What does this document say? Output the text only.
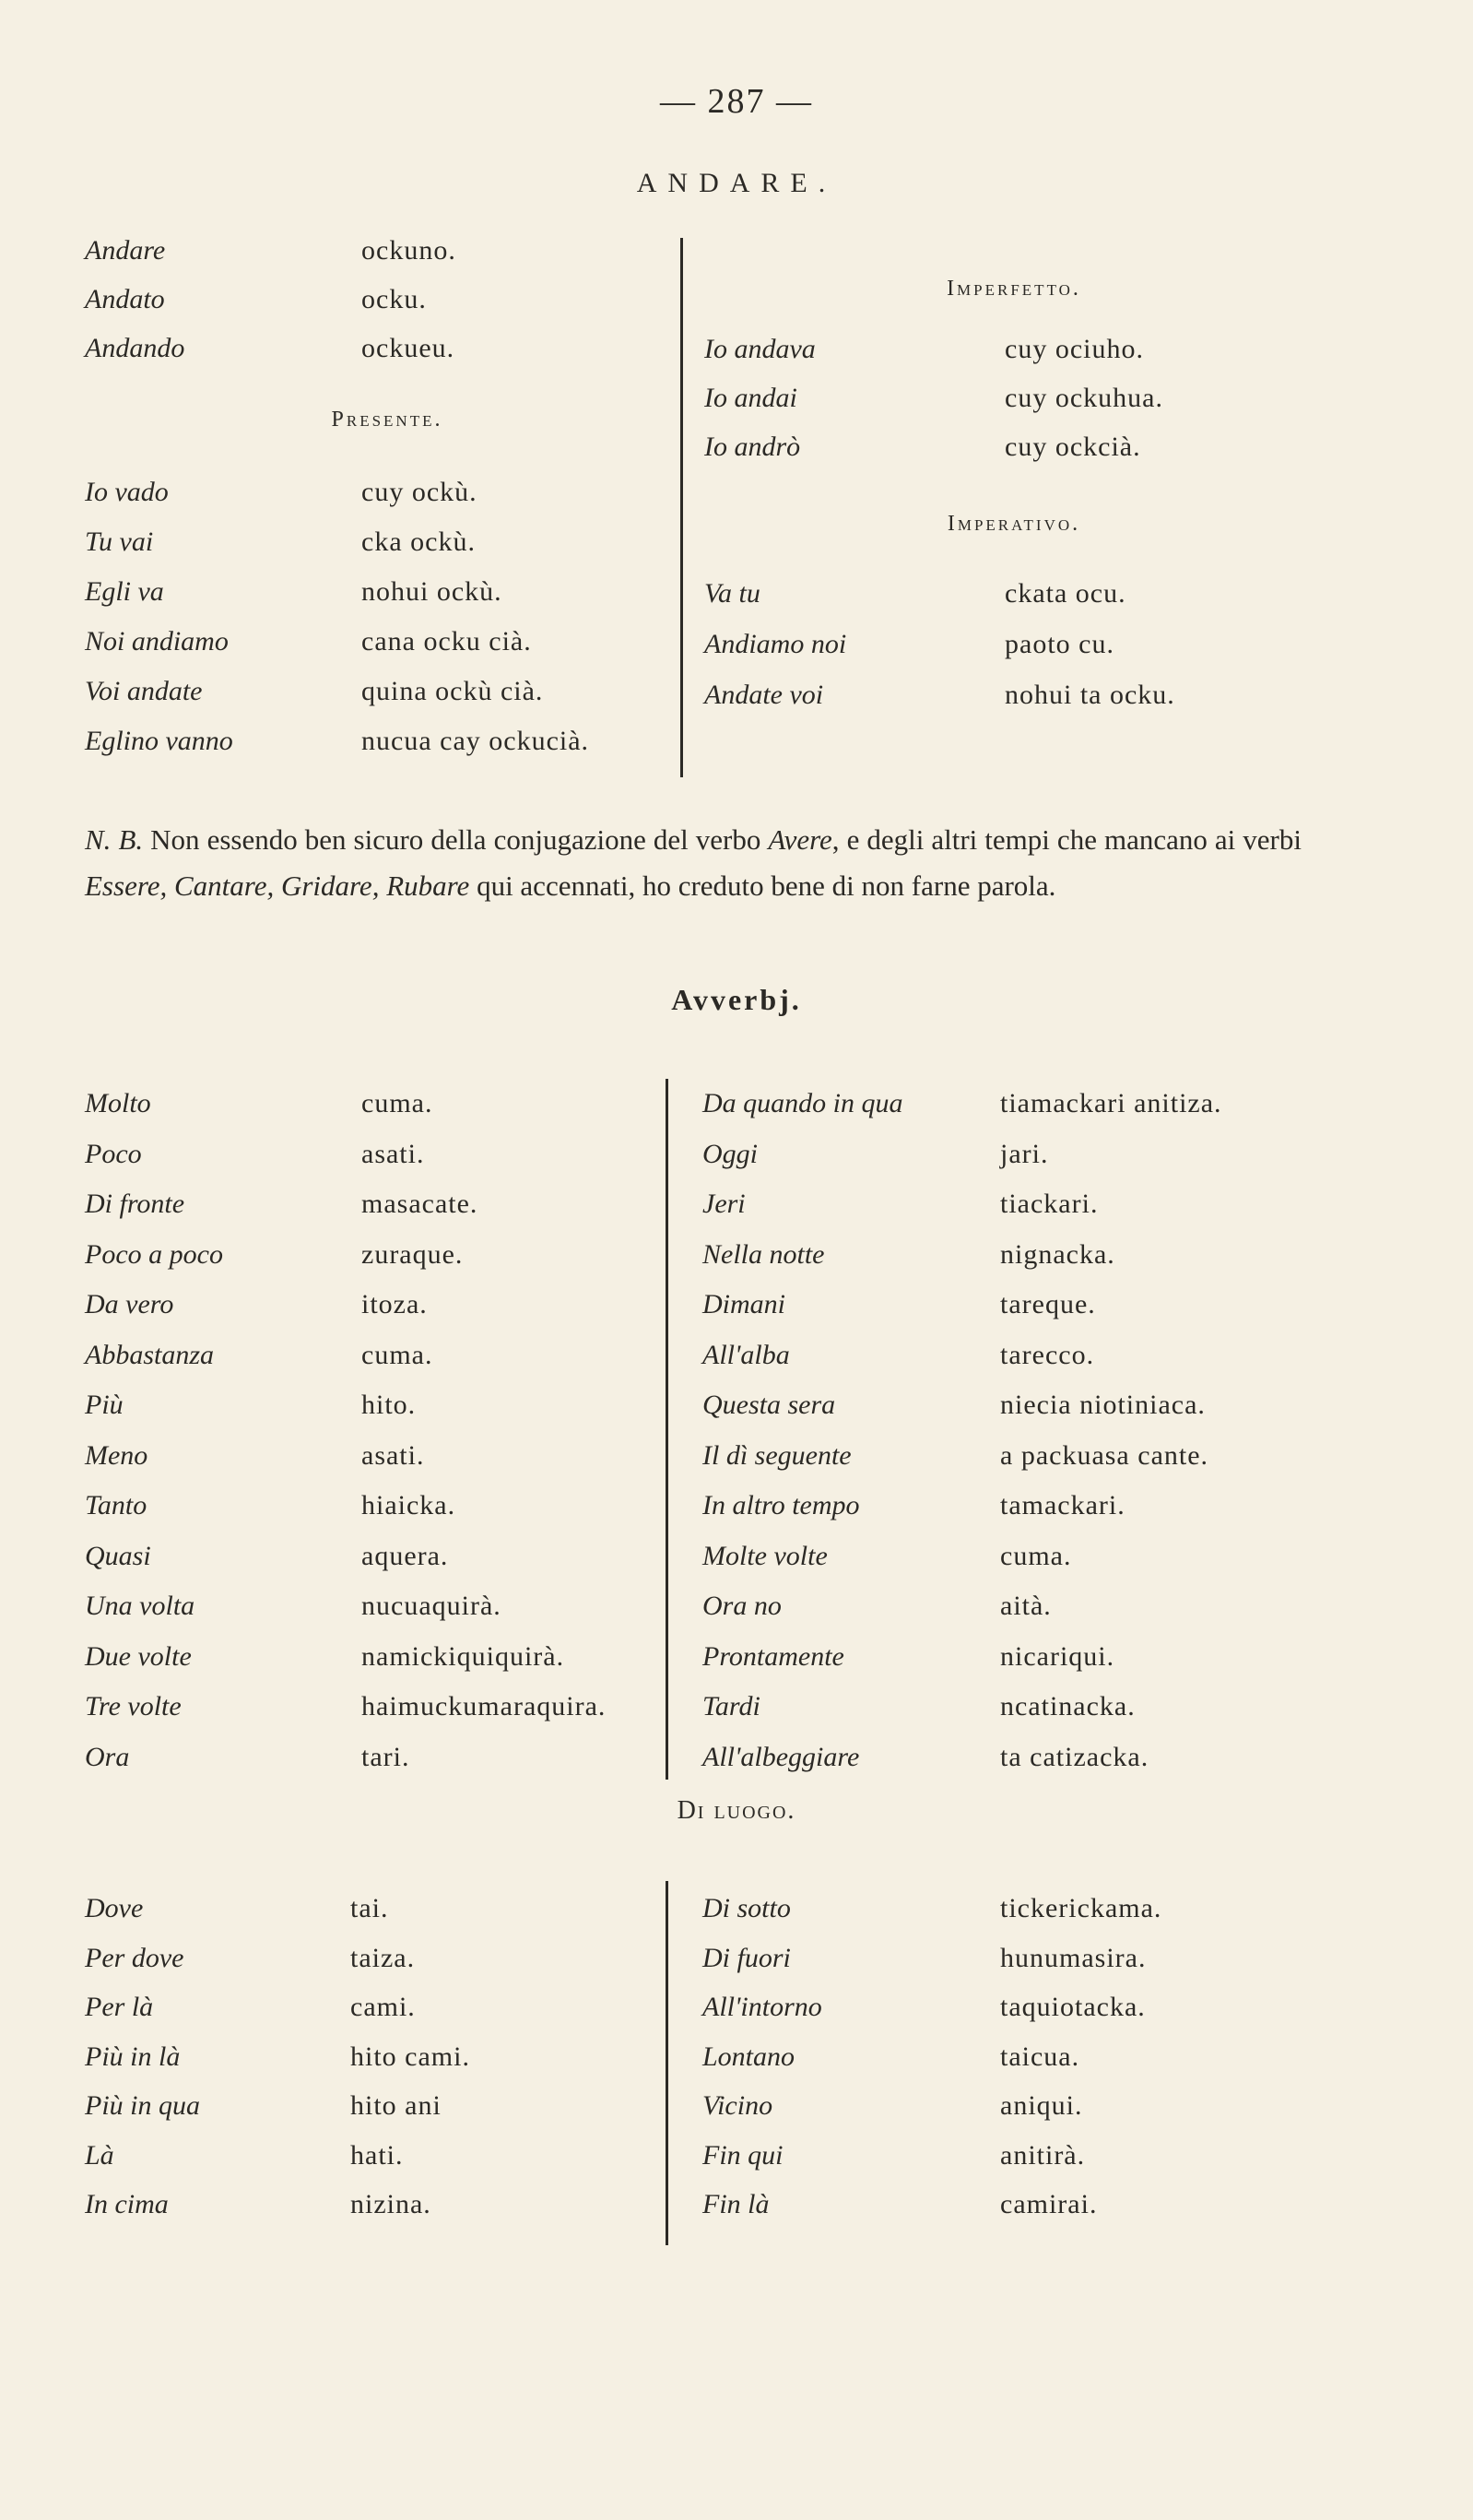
— 287 —
ANDARE.
Andare	ockuno.
Andato	ocku.
Andando	ockueu.
Io vado	cuy ockù.
Tu vai	cka ockù.
Egli va	nohui ockù.
Noi andiamo	cana ocku cià.
Voi andate	quina ockù cià.
Eglino vanno	nucua cay ockucià.
Presente.
Imperfetto.
Imperativo.
Io andava	cuy ociuho.
Io andai	cuy ockuhua.
Io andrò	cuy ockcià.
Va tu	ckata ocu.
Andiamo noi	paoto cu.
Andate voi	nohui ta ocku.
N. B. Non essendo ben sicuro della conjugazione del verbo Avere, e degli altri tempi che mancano ai verbi Essere, Cantare, Gridare, Rubare qui accennati, ho creduto bene di non farne parola.
Avverbj.
Molto	cuma.
Poco	asati.
Di fronte	masacate.
Poco a poco	zuraque.
Da vero	itoza.
Abbastanza	cuma.
Più	hito.
Meno	asati.
Tanto	hiaicka.
Quasi	aquera.
Una volta	nucuaquirà.
Due volte	namickiquiquirà.
Tre volte	haimuckumaraquira.
Ora	tari.
Da quando in qua	tiamackari anitiza.
Oggi	jari.
Jeri	tiackari.
Nella notte	nignacka.
Dimani	tareque.
All'alba	tarecco.
Questa sera	niecia niotiniaca.
Il dì seguente	a packuasa cante.
In altro tempo	tamackari.
Molte volte	cuma.
Ora no	aità.
Prontamente	nicariqui.
Tardi	ncatinacka.
All'albeggiare	ta catizacka.
Di luogo.
Dove	tai.
Per dove	taiza.
Per là	cami.
Più in là	hito cami.
Più in qua	hito ani
Là	hati.
In cima	nizina.
Di sotto	tickerickama.
Di fuori	hunumasira.
All'intorno	taquiotacka.
Lontano	taicua.
Vicino	aniqui.
Fin qui	anitirà.
Fin là	camirai.
